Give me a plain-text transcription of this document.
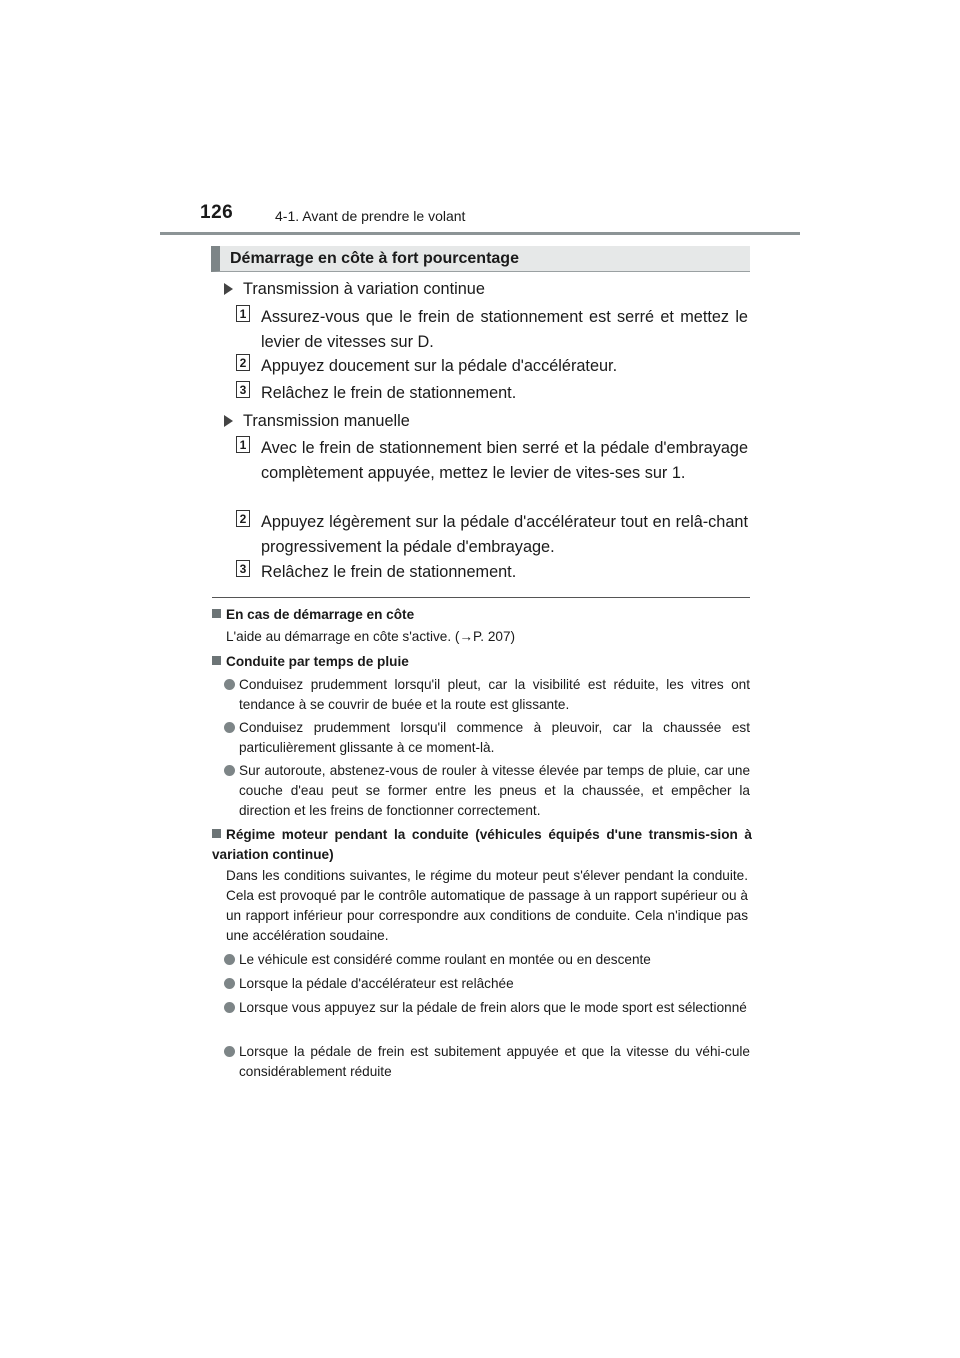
126	4-1. Avant de prendre le volant
Démarrage en côte à fort pourcentage
Transmission à variation continue
1 Assurez-vous que le frein de stationnement est serré et mettez le levier de vitesses sur D.
2 Appuyez doucement sur la pédale d'accélérateur.
3 Relâchez le frein de stationnement.
Transmission manuelle
1 Avec le frein de stationnement bien serré et la pédale d'embrayage complètement appuyée, mettez le levier de vites-ses sur 1.
2 Appuyez légèrement sur la pédale d'accélérateur tout en relâ-chant progressivement la pédale d'embrayage.
3 Relâchez le frein de stationnement.
En cas de démarrage en côte
L'aide au démarrage en côte s'active. (→P. 207)
Conduite par temps de pluie
Conduisez prudemment lorsqu'il pleut, car la visibilité est réduite, les vitres ont tendance à se couvrir de buée et la route est glissante.
Conduisez prudemment lorsqu'il commence à pleuvoir, car la chaussée est particulièrement glissante à ce moment-là.
Sur autoroute, abstenez-vous de rouler à vitesse élevée par temps de pluie, car une couche d'eau peut se former entre les pneus et la chaussée, et empêcher la direction et les freins de fonctionner correctement.
Régime moteur pendant la conduite (véhicules équipés d'une transmis-sion à variation continue)
Dans les conditions suivantes, le régime du moteur peut s'élever pendant la conduite. Cela est provoqué par le contrôle automatique de passage à un rapport supérieur ou à un rapport inférieur pour correspondre aux conditions de conduite. Cela n'indique pas une accélération soudaine.
Le véhicule est considéré comme roulant en montée ou en descente
Lorsque la pédale d'accélérateur est relâchée
Lorsque vous appuyez sur la pédale de frein alors que le mode sport est sélectionné
Lorsque la pédale de frein est subitement appuyée et que la vitesse du véhi-cule considérablement réduite
